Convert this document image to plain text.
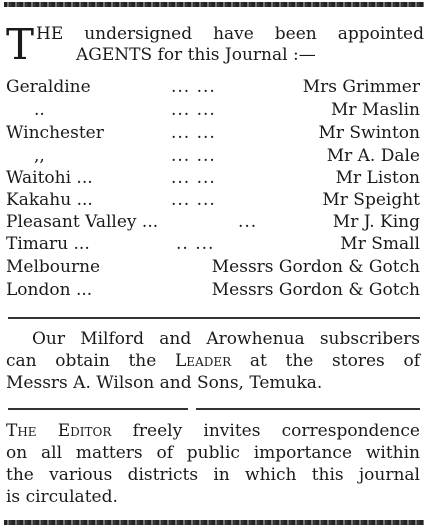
T HE undersigned have been appointed
AGENTS for this Journal :—
Geraldine	... ...	Mrs Grimmer
..	... ...	Mr Maslin
Winchester	... ...	Mr Swinton
,,	... ...	Mr A. Dale
Waitohi ...	... ...	Mr Liston
Kakahu ...	... ...	Mr Speight
Pleasant Valley ...	...	Mr J. King
Timaru ...	.. ...	Mr Small
Melbourne	Messrs Gordon & Gotch
London ...	Messrs Gordon & Gotch
Our Milford and Arowhenua subscribers
can obtain the Leader at the stores of
Messrs A. Wilson and Sons, Temuka.
The Editor freely invites correspondence
on all matters of public importance within
the various districts in which this journal
is circulated.
